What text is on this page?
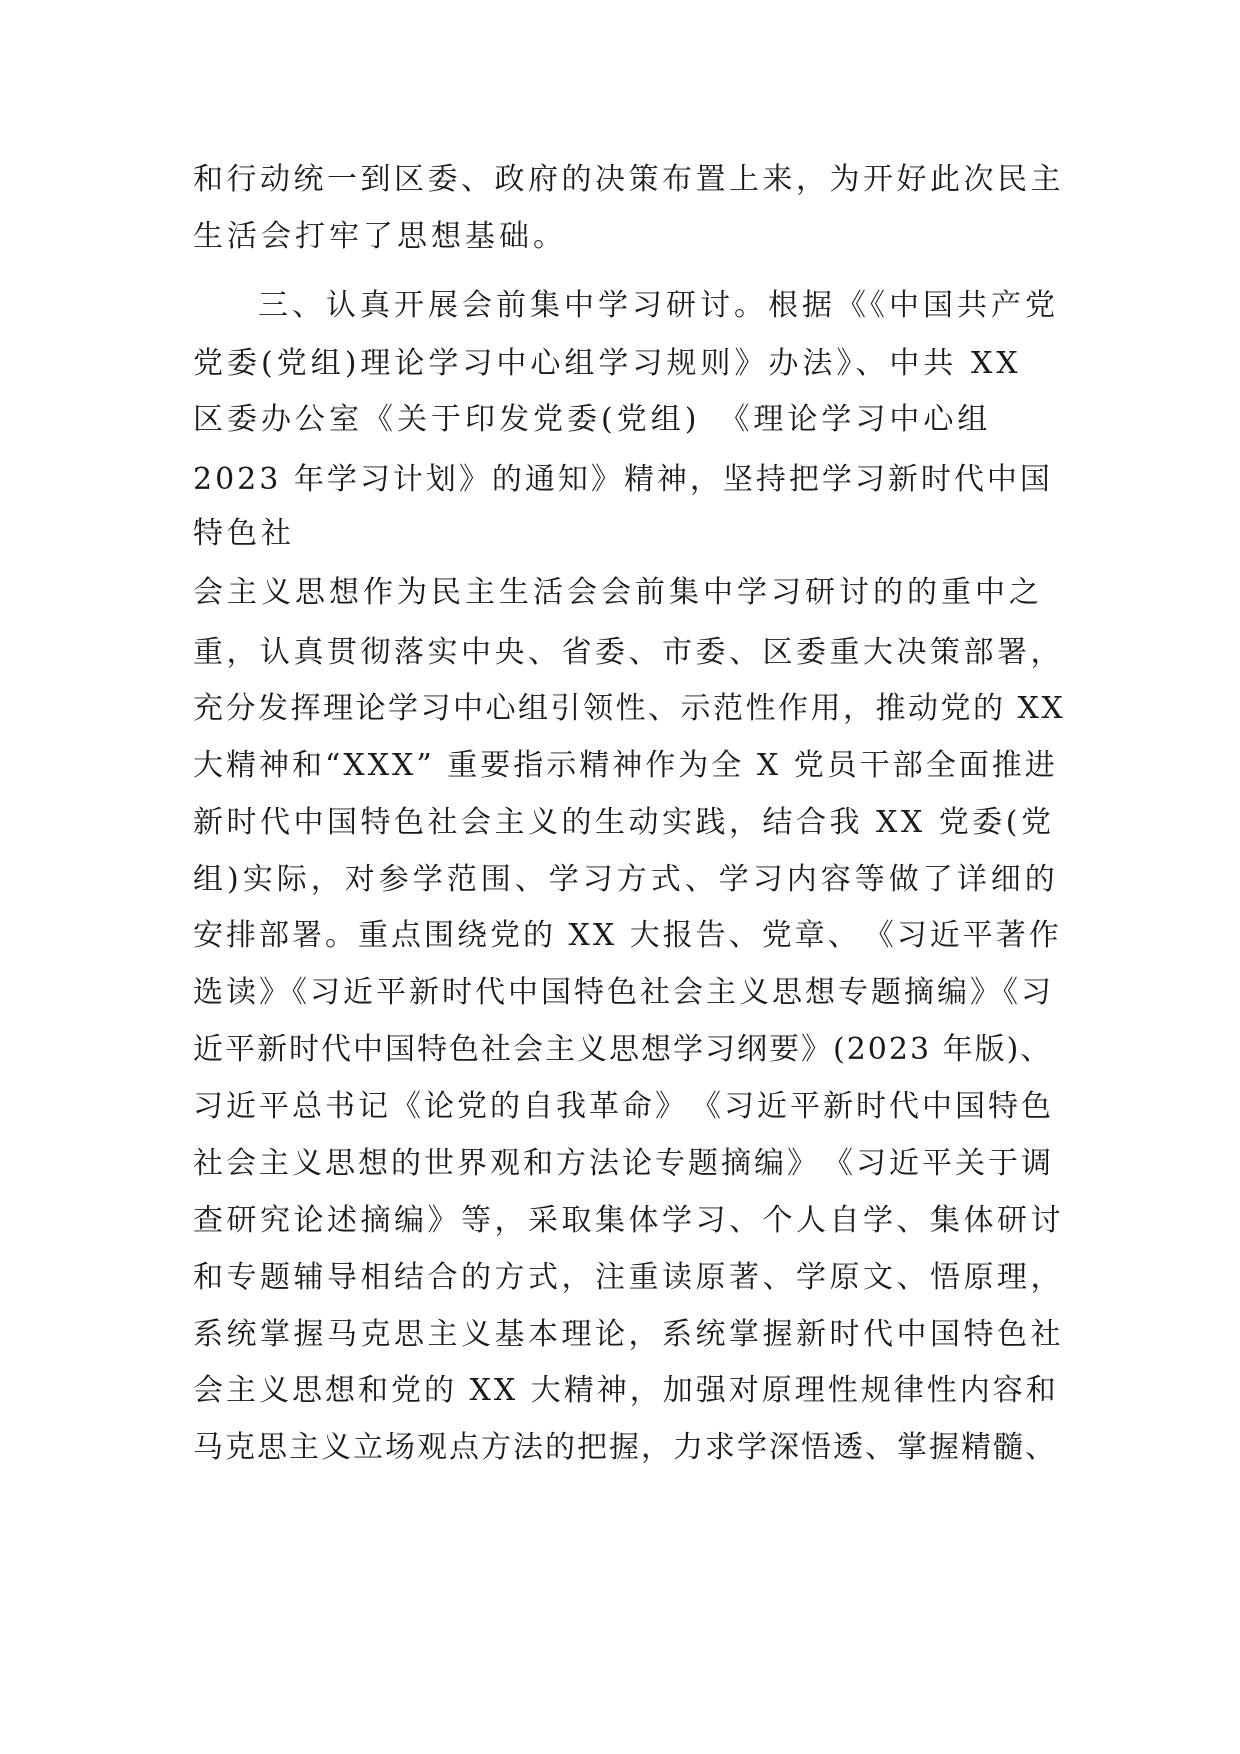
和行动统一到区委、政府的决策布置上来，为开好此次民主
生活会打牢了思想基础。
三、认真开展会前集中学习研讨。根据《《中国共产党
党委(党组)理论学习中心组学习规则》办法》、中共 XX
区委办公室《关于印发党委(党组)　《理论学习中心组
2023 年学习计划》的通知》精神，坚持把学习新时代中国
特色社
会主义思想作为民主生活会会前集中学习研讨的的重中之
重，认真贯彻落实中央、省委、市委、区委重大决策部署，
充分发挥理论学习中心组引领性、示范性作用，推动党的 XX
大精神和“XXX” 重要指示精神作为全 X 党员干部全面推进
新时代中国特色社会主义的生动实践，结合我 XX 党委(党
组)实际，对参学范围、学习方式、学习内容等做了详细的
安排部署。重点围绕党的 XX 大报告、党章、　《习近平著作
选读》《习近平新时代中国特色社会主义思想专题摘编》《习
近平新时代中国特色社会主义思想学习纲要》(2023 年版)、
习近平总书记《论党的自我革命》　《习近平新时代中国特色
社会主义思想的世界观和方法论专题摘编》　《习近平关于调
查研究论述摘编》等，采取集体学习、个人自学、集体研讨
和专题辅导相结合的方式，注重读原著、学原文、悟原理，
系统掌握马克思主义基本理论，系统掌握新时代中国特色社
会主义思想和党的 XX 大精神，加强对原理性规律性内容和
马克思主义立场观点方法的把握，力求学深悟透、掌握精髓、
